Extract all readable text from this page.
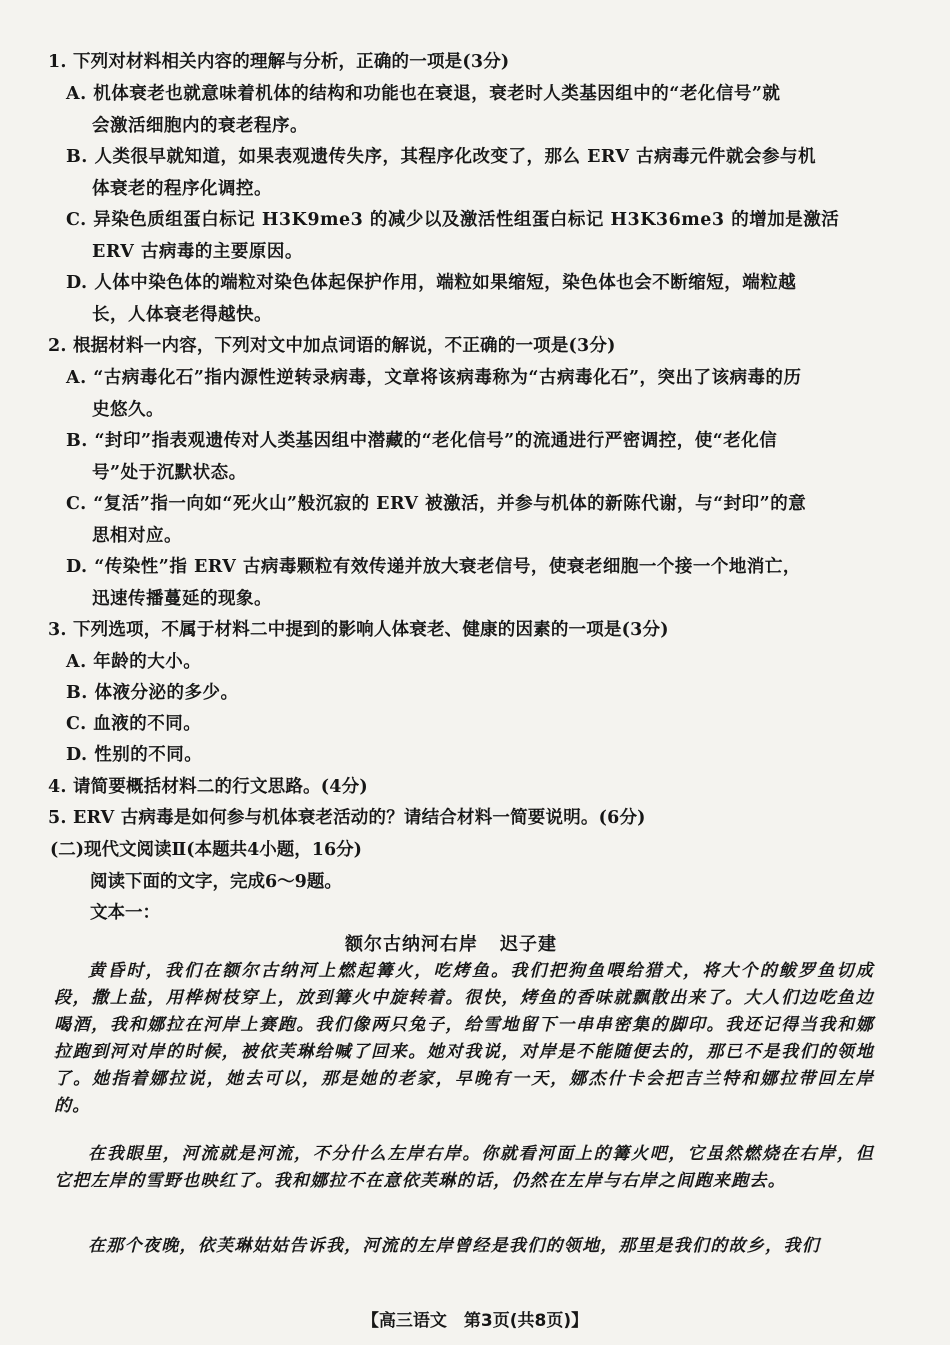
1. 下列对材料相关内容的理解与分析，正确的一项是(3分)
A. 机体衰老也就意味着机体的结构和功能也在衰退，衰老时人类基因组中的“老化信号”就
会激活细胞内的衰老程序。
B. 人类很早就知道，如果表观遗传失序，其程序化改变了，那么 ERV 古病毒元件就会参与机
体衰老的程序化调控。
C. 异染色质组蛋白标记 H3K9me3 的减少以及激活性组蛋白标记 H3K36me3 的增加是激活
ERV 古病毒的主要原因。
D. 人体中染色体的端粒对染色体起保护作用，端粒如果缩短，染色体也会不断缩短，端粒越
长，人体衰老得越快。
2. 根据材料一内容，下列对文中加点词语的解说，不正确的一项是(3分)
A. “古病毒化石”指内源性逆转录病毒，文章将该病毒称为“古病毒化石”，突出了该病毒的历
史悠久。
B. “封印”指表观遗传对人类基因组中潜藏的“老化信号”的流通进行严密调控，使“老化信
号”处于沉默状态。
C. “复活”指一向如“死火山”般沉寂的 ERV 被激活，并参与机体的新陈代谢，与“封印”的意
思相对应。
D. “传染性”指 ERV 古病毒颗粒有效传递并放大衰老信号，使衰老细胞一个接一个地消亡，
迅速传播蔓延的现象。
3. 下列选项，不属于材料二中提到的影响人体衰老、健康的因素的一项是(3分)
A. 年龄的大小。
B. 体液分泌的多少。
C. 血液的不同。
D. 性别的不同。
4. 请简要概括材料二的行文思路。(4分)
5. ERV 古病毒是如何参与机体衰老活动的？请结合材料一简要说明。(6分)
(二)现代文阅读Ⅱ(本题共4小题，16分)
阅读下面的文字，完成6～9题。
文本一：
额尔古纳河右岸 迟子建
黄昏时，我们在额尔古纳河上燃起篝火，吃烤鱼。我们把狗鱼喂给猎犬，将大个的鲅罗鱼切成段，撒上盐，用桦树枝穿上，放到篝火中旋转着。很快，烤鱼的香味就飘散出来了。大人们边吃鱼边喝酒，我和娜拉在河岸上赛跑。我们像两只兔子，给雪地留下一串串密集的脚印。我还记得当我和娜拉跑到河对岸的时候，被依芙琳给喊了回来。她对我说，对岸是不能随便去的，那已不是我们的领地了。她指着娜拉说，她去可以，那是她的老家，早晚有一天，娜杰什卡会把吉兰特和娜拉带回左岸的。
在我眼里，河流就是河流，不分什么左岸右岸。你就看河面上的篝火吧，它虽然燃烧在右岸，但它把左岸的雪野也映红了。我和娜拉不在意依芙琳的话，仍然在左岸与右岸之间跑来跑去。
在那个夜晚，依芙琳姑姑告诉我，河流的左岸曾经是我们的领地，那里是我们的故乡，我们
【高三语文　第3页(共8页)】
